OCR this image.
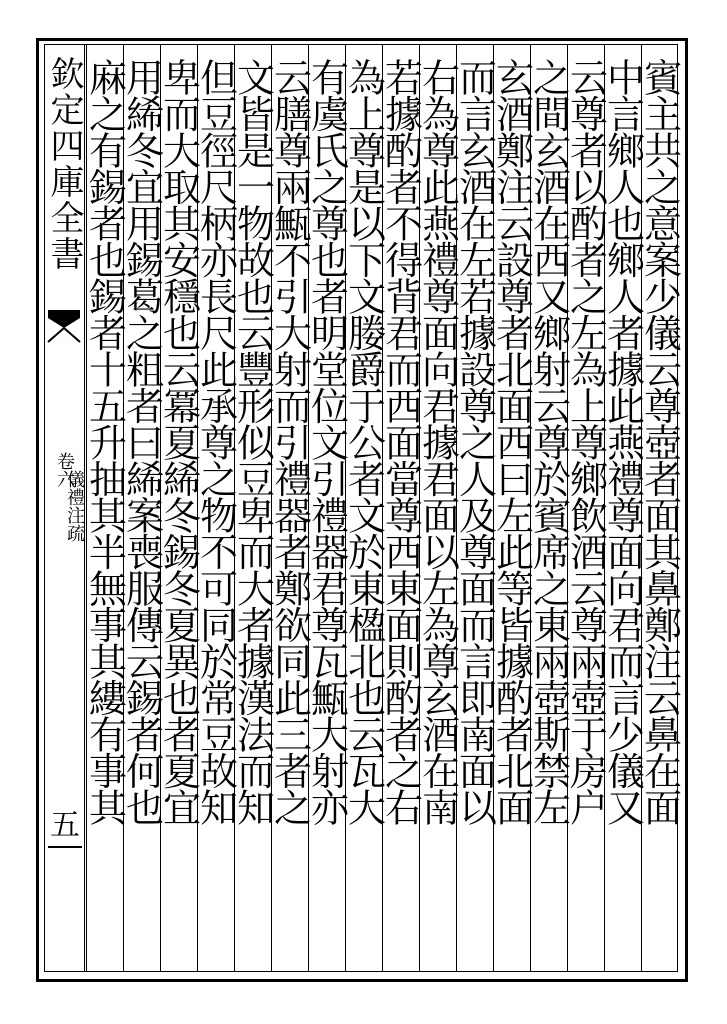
欽定四庫全書
儀禮注疏
卷六
五
賓主共之意案少儀云尊壺者面其鼻鄭注云鼻在面
中言鄉人也鄉人者據此燕禮尊面向君而言少儀又
云尊者以酌者之左為上尊鄉飲酒云尊兩壺于房户
之間玄酒在西又鄉射云尊於賓席之東兩壺斯禁左
玄酒鄭注云設尊者北面西曰左此等皆據酌者北面
而言玄酒在左若據設尊之人及尊面而言即南面以
右為尊此燕禮尊面向君據君面以左為尊玄酒在南
若據酌者不得背君而西面當尊西東面則酌者之右
為上尊是以下文媵爵于公者文於東楹北也云瓦大
有虞氏之尊也者明堂位文引禮器君尊瓦甒大射亦
云膳尊兩甒不引大射而引禮器者鄭欲同此三者之
文皆是一物故也云豐形似豆卑而大者據漢法而知
但豆徑尺柄亦長尺此承尊之物不可同於常豆故知
卑而大取其安穩也云冪夏絺冬錫冬夏異也者夏宜
用絺冬宜用錫葛之粗者曰絺案喪服傳云錫者何也
麻之有錫者也錫者十五升抽其半無事其縷有事其
